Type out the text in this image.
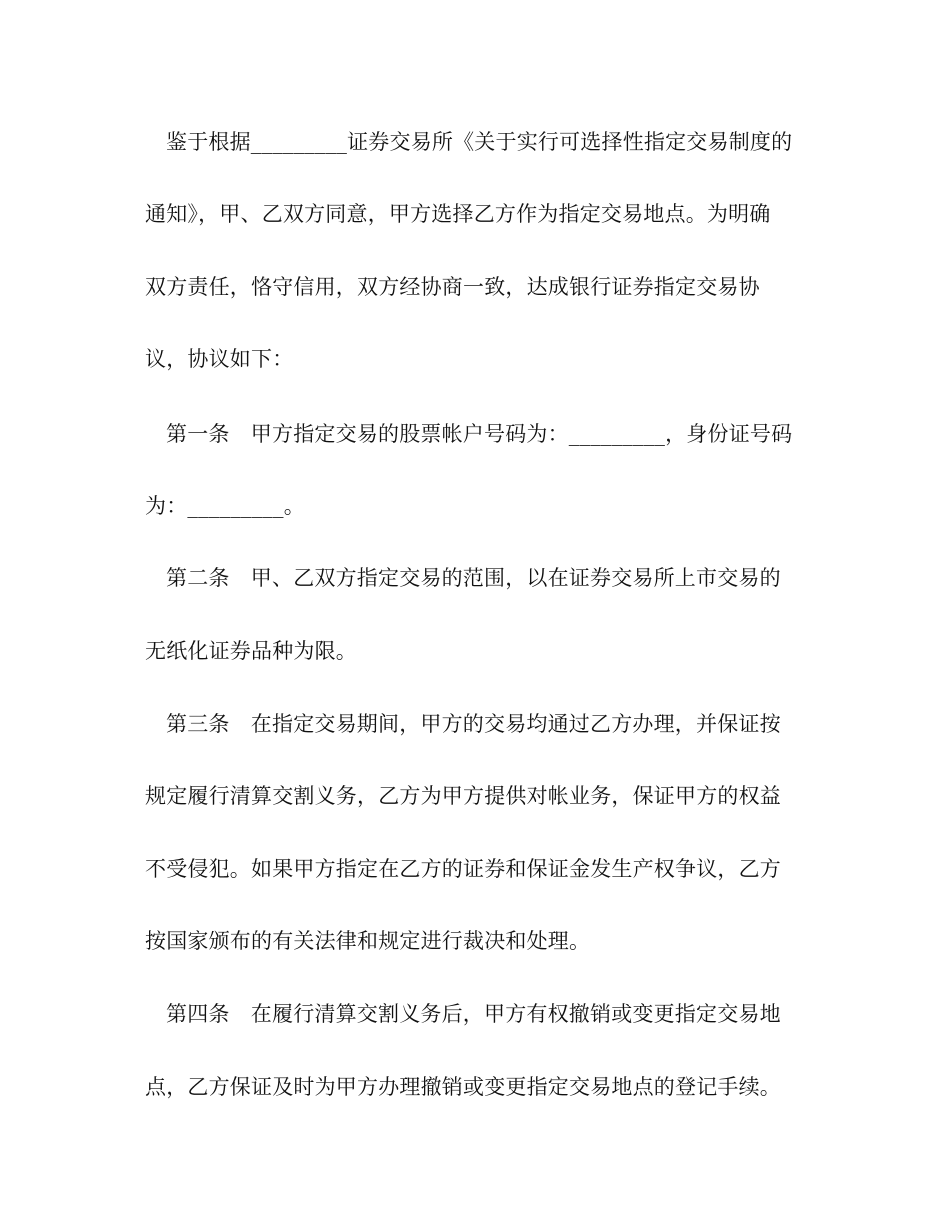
鉴于根据_________证券交易所《关于实行可选择性指定交易制度的
通知》，甲、乙双方同意，甲方选择乙方作为指定交易地点。为明确
双方责任，恪守信用，双方经协商一致，达成银行证券指定交易协
议，协议如下：
第一条　甲方指定交易的股票帐户号码为：_________，身份证号码
为：_________。
第二条　甲、乙双方指定交易的范围，以在证券交易所上市交易的
无纸化证券品种为限。
第三条　在指定交易期间，甲方的交易均通过乙方办理，并保证按
规定履行清算交割义务，乙方为甲方提供对帐业务，保证甲方的权益
不受侵犯。如果甲方指定在乙方的证券和保证金发生产权争议，乙方
按国家颁布的有关法律和规定进行裁决和处理。
第四条　在履行清算交割义务后，甲方有权撤销或变更指定交易地
点，乙方保证及时为甲方办理撤销或变更指定交易地点的登记手续。
